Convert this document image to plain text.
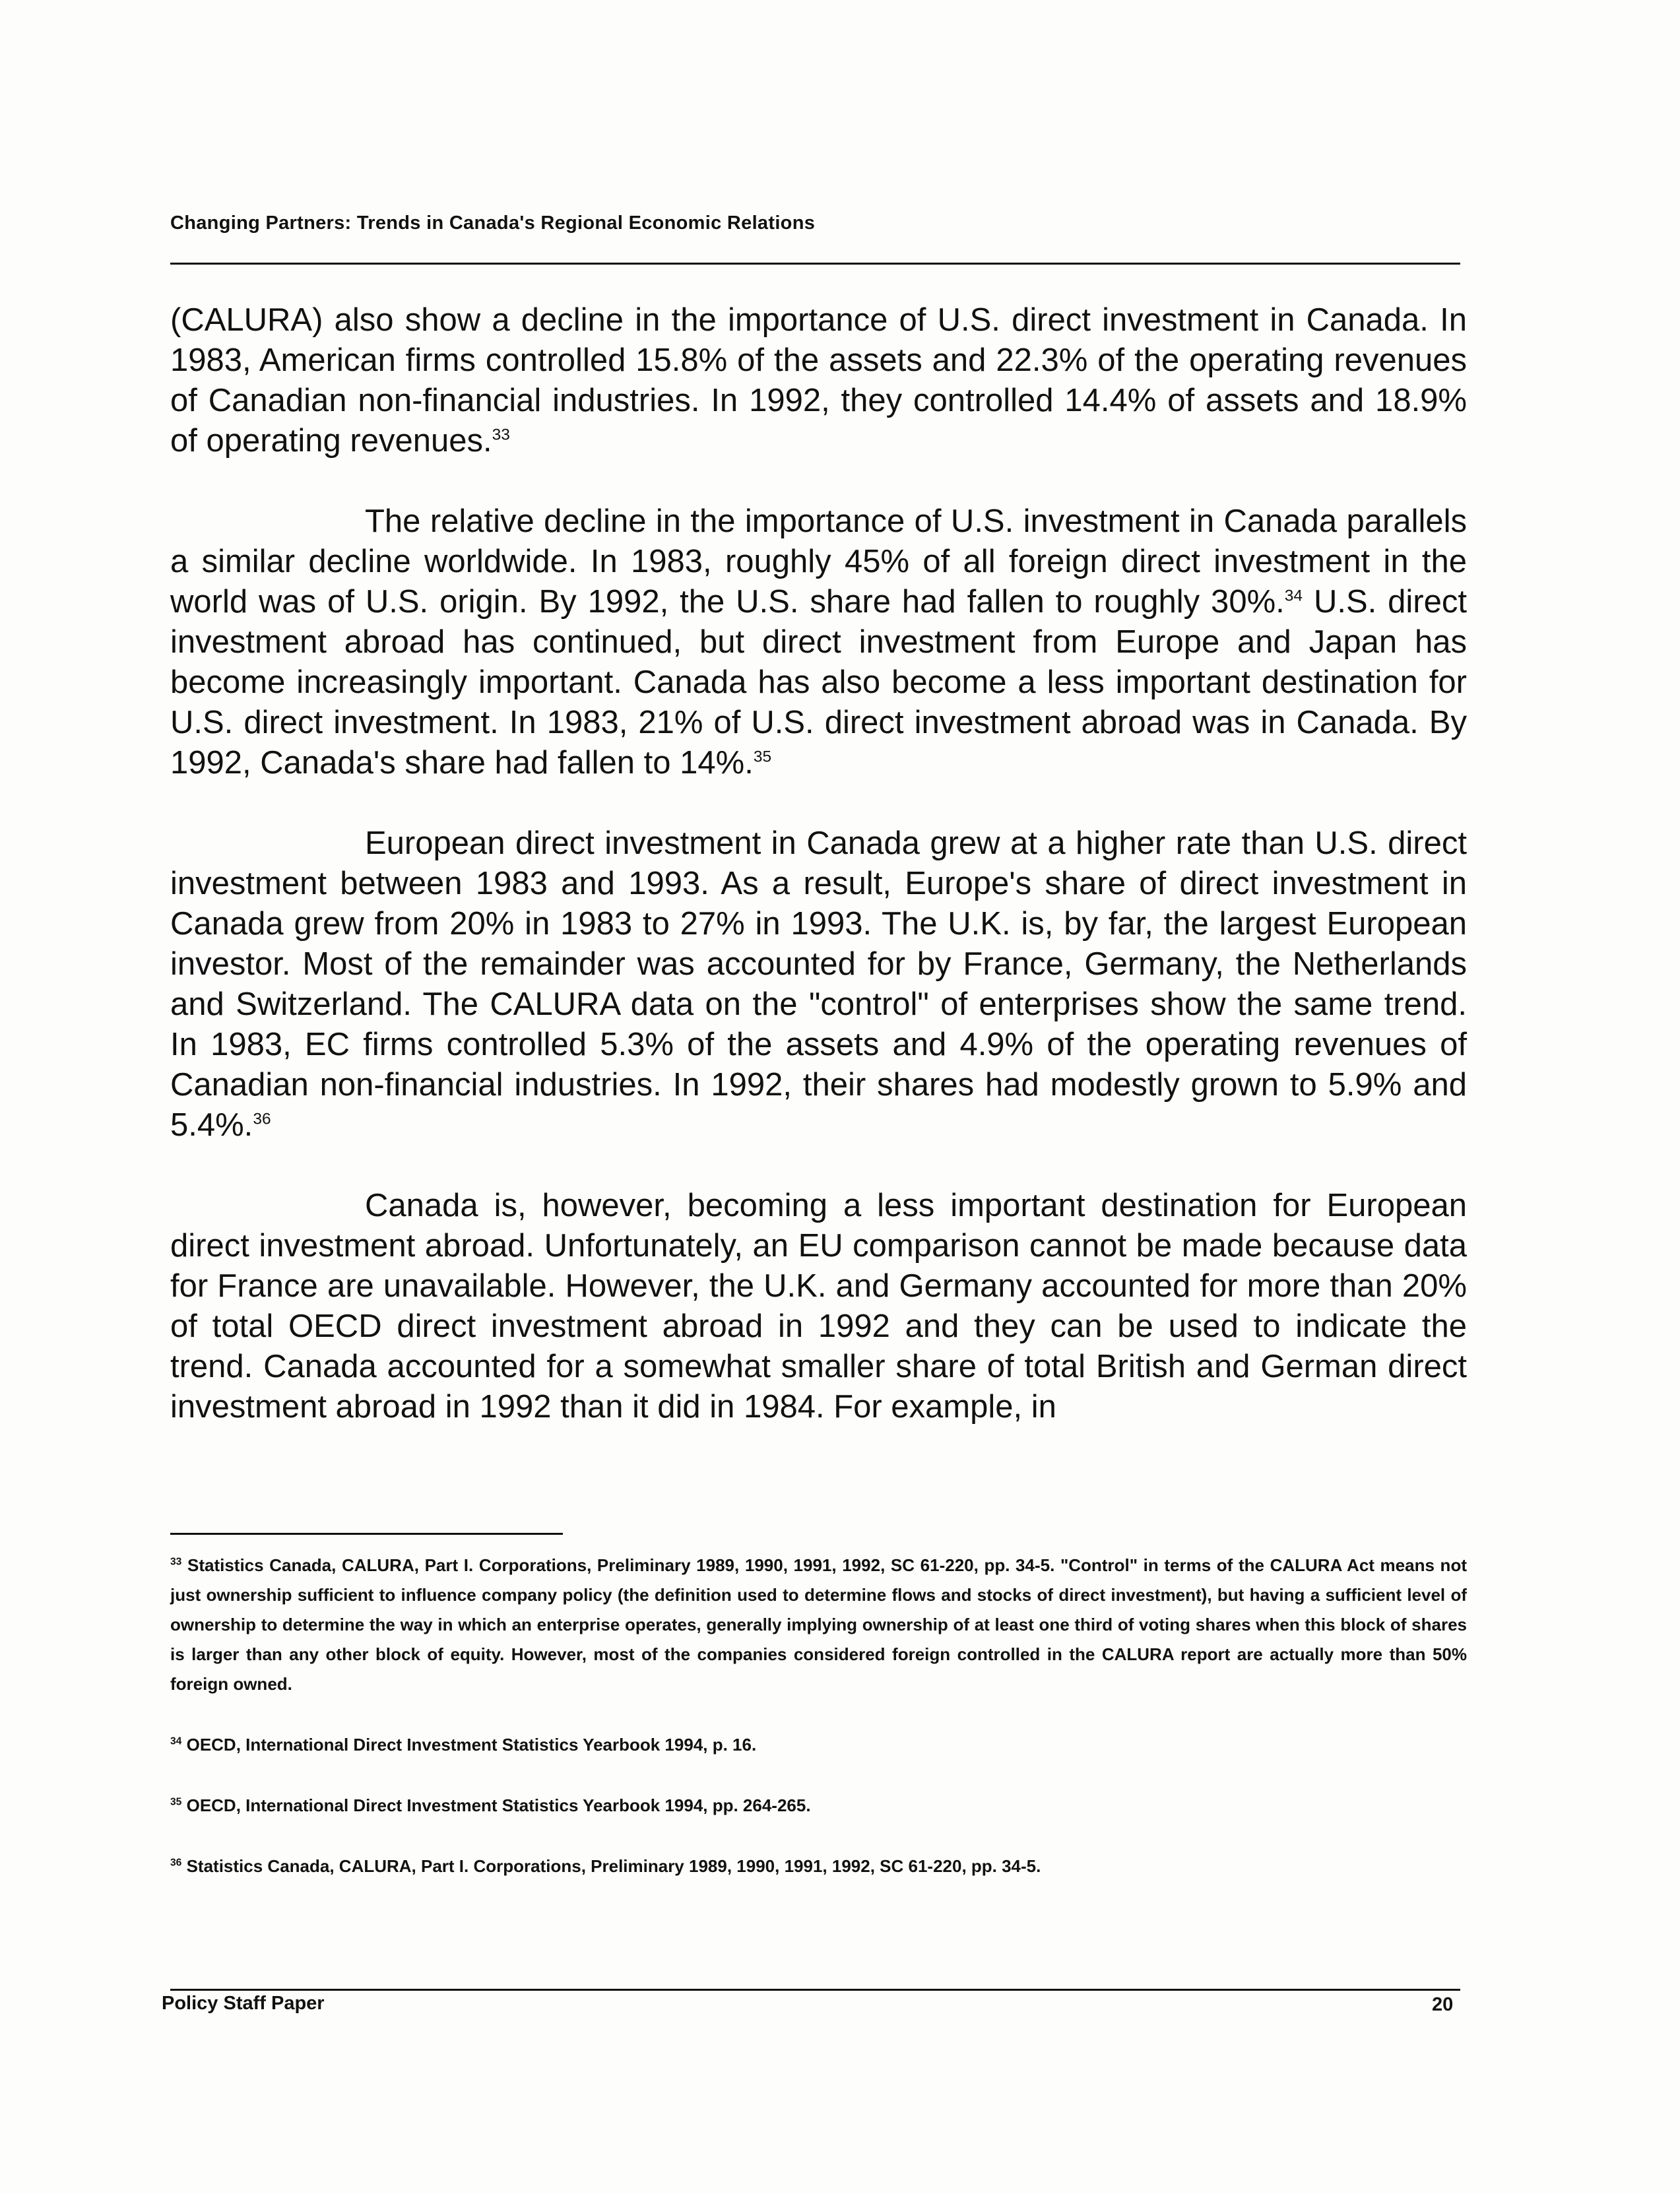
Changing Partners: Trends in Canada's Regional Economic Relations

(CALURA) also show a decline in the importance of U.S. direct investment in Canada. In 1983, American firms controlled 15.8% of the assets and 22.3% of the operating revenues of Canadian non-financial industries. In 1992, they controlled 14.4% of assets and 18.9% of operating revenues.$^{33}$

The relative decline in the importance of U.S. investment in Canada parallels a similar decline worldwide. In 1983, roughly 45% of all foreign direct investment in the world was of U.S. origin. By 1992, the U.S. share had fallen to roughly 30%.$^{34}$ U.S. direct investment abroad has continued, but direct investment from Europe and Japan has become increasingly important. Canada has also become a less important destination for U.S. direct investment. In 1983, 21% of U.S. direct investment abroad was in Canada. By 1992, Canada's share had fallen to 14%.$^{35}$

European direct investment in Canada grew at a higher rate than U.S. direct investment between 1983 and 1993. As a result, Europe's share of direct investment in Canada grew from 20% in 1983 to 27% in 1993. The U.K. is, by far, the largest European investor. Most of the remainder was accounted for by France, Germany, the Netherlands and Switzerland. The CALURA data on the "control" of enterprises show the same trend. In 1983, EC firms controlled 5.3% of the assets and 4.9% of the operating revenues of Canadian non-financial industries. In 1992, their shares had modestly grown to 5.9% and 5.4%.$^{36}$

Canada is, however, becoming a less important destination for European direct investment abroad. Unfortunately, an EU comparison cannot be made because data for France are unavailable. However, the U.K. and Germany accounted for more than 20% of total OECD direct investment abroad in 1992 and they can be used to indicate the trend. Canada accounted for a somewhat smaller share of total British and German direct investment abroad in 1992 than it did in 1984. For example, in

$^{33}$ Statistics Canada, CALURA, Part I. Corporations, Preliminary 1989, 1990, 1991, 1992, SC 61-220, pp. 34-5. "Control" in terms of the CALURA Act means not just ownership sufficient to influence company policy (the definition used to determine flows and stocks of direct investment), but having a sufficient level of ownership to determine the way in which an enterprise operates, generally implying ownership of at least one third of voting shares when this block of shares is larger than any other block of equity. However, most of the companies considered foreign controlled in the CALURA report are actually more than 50% foreign owned.
$^{34}$ OECD, International Direct Investment Statistics Yearbook 1994, p. 16.
$^{35}$ OECD, International Direct Investment Statistics Yearbook 1994, pp. 264-265.
$^{36}$ Statistics Canada, CALURA, Part I. Corporations, Preliminary 1989, 1990, 1991, 1992, SC 61-220, pp. 34-5.
Policy Staff Paper	20
